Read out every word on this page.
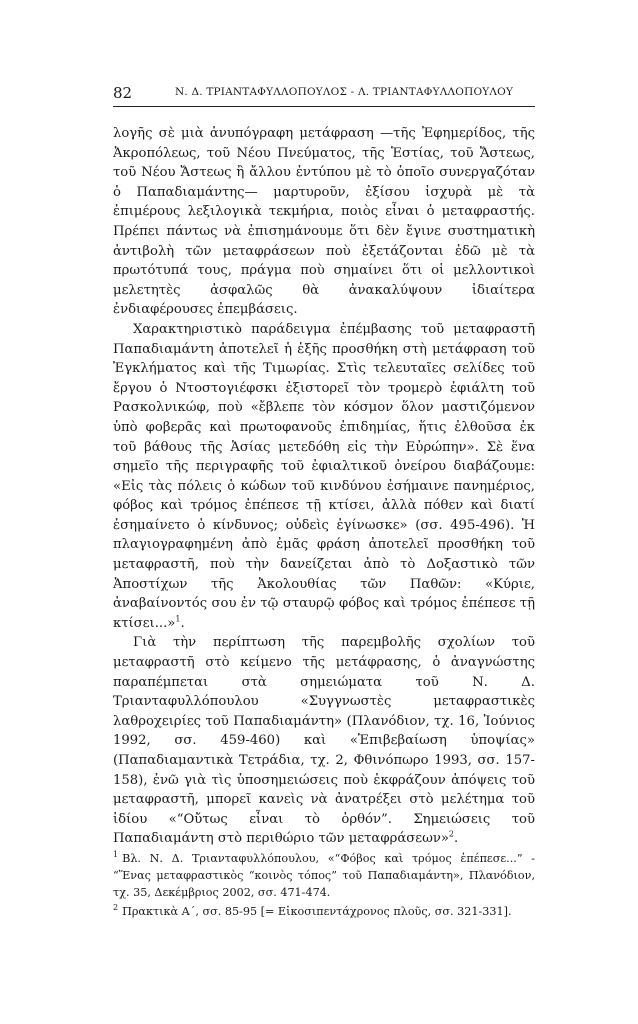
82	Ν. Δ. ΤΡΙΑΝΤΑΦΥΛΛΟΠΟΥΛΟΣ - Λ. ΤΡΙΑΝΤΑΦΥΛΛΟΠΟΥΛΟΥ

λογῆς σὲ μιὰ ἀνυπόγραφη μετάφραση —τῆς Ἐφημερίδος, τῆς Ἀκροπόλεως, τοῦ Νέου Πνεύματος, τῆς Ἑστίας, τοῦ Ἄστεως, τοῦ Νέου Ἄστεως ἢ ἄλλου ἐντύπου μὲ τὸ ὁποῖο συνεργαζόταν ὁ Παπαδιαμάντης— μαρτυροῦν, ἐξίσου ἰσχυρὰ μὲ τὰ ἐπιμέρους λεξιλογικὰ τεκμήρια, ποιὸς εἶναι ὁ μεταφραστής. Πρέπει πάντως νὰ ἐπισημάνουμε ὅτι δὲν ἔγινε συστηματικὴ ἀντιβολὴ τῶν μεταφράσεων ποὺ ἐξετάζονται ἐδῶ μὲ τὰ πρωτότυπά τους, πράγμα ποὺ σημαίνει ὅτι οἱ μελλοντικοὶ μελετητὲς ἀσφαλῶς θὰ ἀνακαλύψουν ἰδιαίτερα ἐνδιαφέρουσες ἐπεμβάσεις.

Χαρακτηριστικὸ παράδειγμα ἐπέμβασης τοῦ μεταφραστῆ Παπαδιαμάντη ἀποτελεῖ ἡ ἑξῆς προσθήκη στὴ μετάφραση τοῦ Ἐγκλήματος καὶ τῆς Τιμωρίας. Στὶς τελευταῖες σελίδες τοῦ ἔργου ὁ Ντοστογιέφσκι ἐξιστορεῖ τὸν τρομερὸ ἐφιάλτη τοῦ Ρασκολνικώφ, ποὺ «ἔβλεπε τὸν κόσμον ὅλον μαστιζόμενον ὑπὸ φοβερᾶς καὶ πρωτοφανοῦς ἐπιδημίας, ἥτις ἐλθοῦσα ἐκ τοῦ βάθους τῆς Ἀσίας μετεδόθη εἰς τὴν Εὐρώπην». Σὲ ἕνα σημεῖο τῆς περιγραφῆς τοῦ ἐφιαλτικοῦ ὀνείρου διαβάζουμε: «Εἰς τὰς πόλεις ὁ κώδων τοῦ κινδύνου ἐσήμαινε πανημέριος, φόβος καὶ τρόμος ἐπέπεσε τῇ κτίσει, ἀλλὰ πόθεν καὶ διατί ἐσημαίνετο ὁ κίνδυνος; οὐδεὶς ἐγίνωσκε» (σσ. 495-496). Ἡ πλαγιογραφημένη ἀπὸ ἐμᾶς φράση ἀποτελεῖ προσθήκη τοῦ μεταφραστῆ, ποὺ τὴν δανείζεται ἀπὸ τὸ Δοξαστικὸ τῶν Ἀποστίχων τῆς Ἀκολουθίας τῶν Παθῶν: «Κύριε, ἀναβαίνοντός σου ἐν τῷ σταυρῷ φόβος καὶ τρόμος ἐπέπεσε τῇ κτίσει...»$^1$.

Γιὰ τὴν περίπτωση τῆς παρεμβολῆς σχολίων τοῦ μεταφραστῆ στὸ κείμενο τῆς μετάφρασης, ὁ ἀναγνώστης παραπέμπεται στὰ σημειώματα τοῦ Ν. Δ. Τριανταφυλλόπουλου «Συγγνωστὲς μεταφραστικὲς λαθροχειρίες τοῦ Παπαδιαμάντη» (Πλανόδιον, τχ. 16, Ἰούνιος 1992, σσ. 459-460) καὶ «Ἐπιβεβαίωση ὑποψίας» (Παπαδιαμαντικὰ Τετράδια, τχ. 2, Φθινόπωρο 1993, σσ. 157-158), ἐνῶ γιὰ τὶς ὑποσημειώσεις ποὺ ἐκφράζουν ἀπόψεις τοῦ μεταφραστῆ, μπορεῖ κανεὶς νὰ ἀνατρέξει στὸ μελέτημα τοῦ ἰδίου «“Οὔτως εἶναι τὸ ὀρθόν”. Σημειώσεις τοῦ Παπαδιαμάντη στὸ περιθώριο τῶν μεταφράσεων»$^2$.

$^1$ Βλ. Ν. Δ. Τριανταφυλλόπουλου, «“Φόβος καὶ τρόμος ἐπέπεσε...” - “Ἕνας μεταφραστικὸς “κοινὸς τόπος” τοῦ Παπαδιαμάντη», Πλανόδιον, τχ. 35, Δεκέμβριος 2002, σσ. 471-474.

$^2$ Πρακτικὰ Α΄, σσ. 85-95 [= Εἰκοσιπεντάχρονος πλοῦς, σσ. 321-331].
